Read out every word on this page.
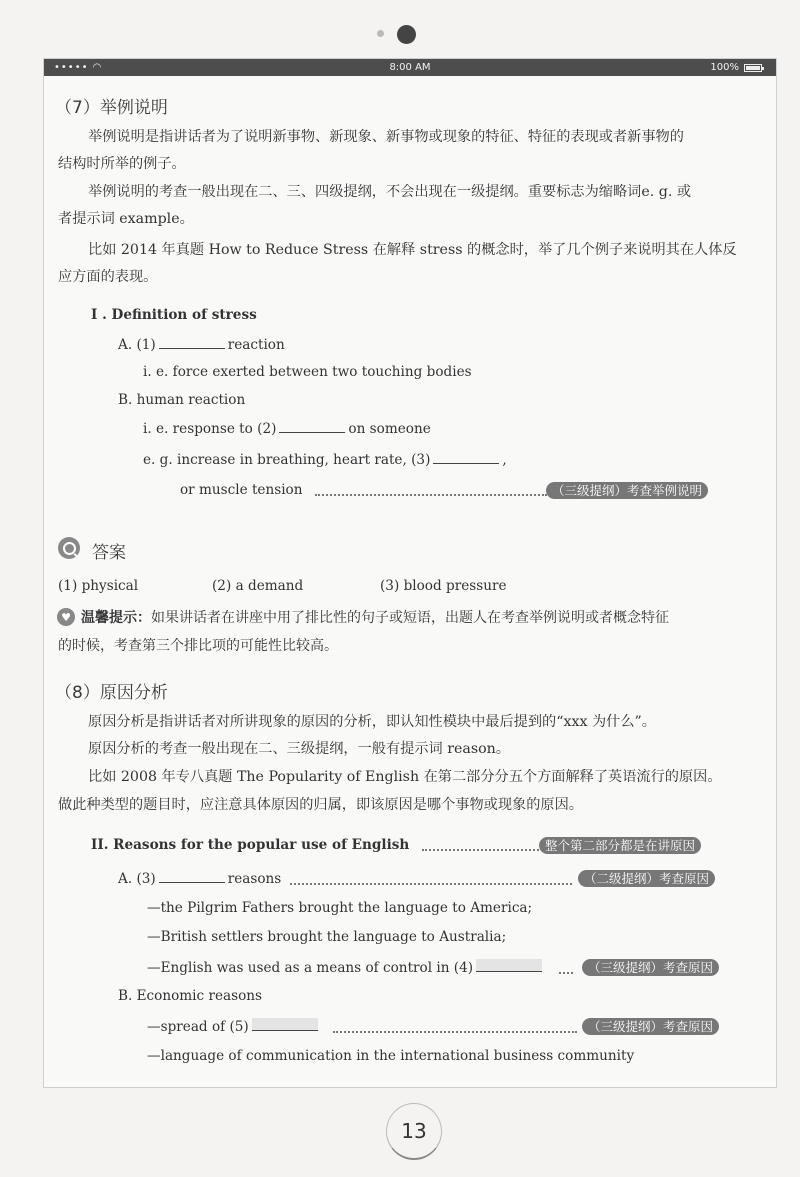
••••• ◠	8:00 AM	100%
（7）举例说明
举例说明是指讲话者为了说明新事物、新现象、新事物或现象的特征、特征的表现或者新事物的
结构时所举的例子。
举例说明的考查一般出现在二、三、四级提纲，不会出现在一级提纲。重要标志为缩略词e. g. 或
者提示词 example。
比如 2014 年真题 How to Reduce Stress 在解释 stress 的概念时，举了几个例子来说明其在人体反
应方面的表现。
I . Definition of stress
A. (1)	reaction
i. e. force exerted between two touching bodies
B. human reaction
i. e. response to (2)	on someone
e. g. increase in breathing, heart rate, (3)	,
or muscle tension	（三级提纲）考查举例说明
答案
(1) physical	(2) a demand	(3) blood pressure
♥ 温馨提示：如果讲话者在讲座中用了排比性的句子或短语，出题人在考查举例说明或者概念特征
的时候，考查第三个排比项的可能性比较高。
（8）原因分析
原因分析是指讲话者对所讲现象的原因的分析，即认知性模块中最后提到的“xxx 为什么”。
原因分析的考查一般出现在二、三级提纲，一般有提示词 reason。
比如 2008 年专八真题 The Popularity of English 在第二部分分五个方面解释了英语流行的原因。
做此种类型的题目时，应注意具体原因的归属，即该原因是哪个事物或现象的原因。
II. Reasons for the popular use of English	整个第二部分都是在讲原因
A. (3)	reasons	（二级提纲）考查原因
—the Pilgrim Fathers brought the language to America;
—British settlers brought the language to Australia;
—English was used as a means of control in (4)	（三级提纲）考查原因
B. Economic reasons
—spread of (5)	（三级提纲）考查原因
—language of communication in the international business community
13
